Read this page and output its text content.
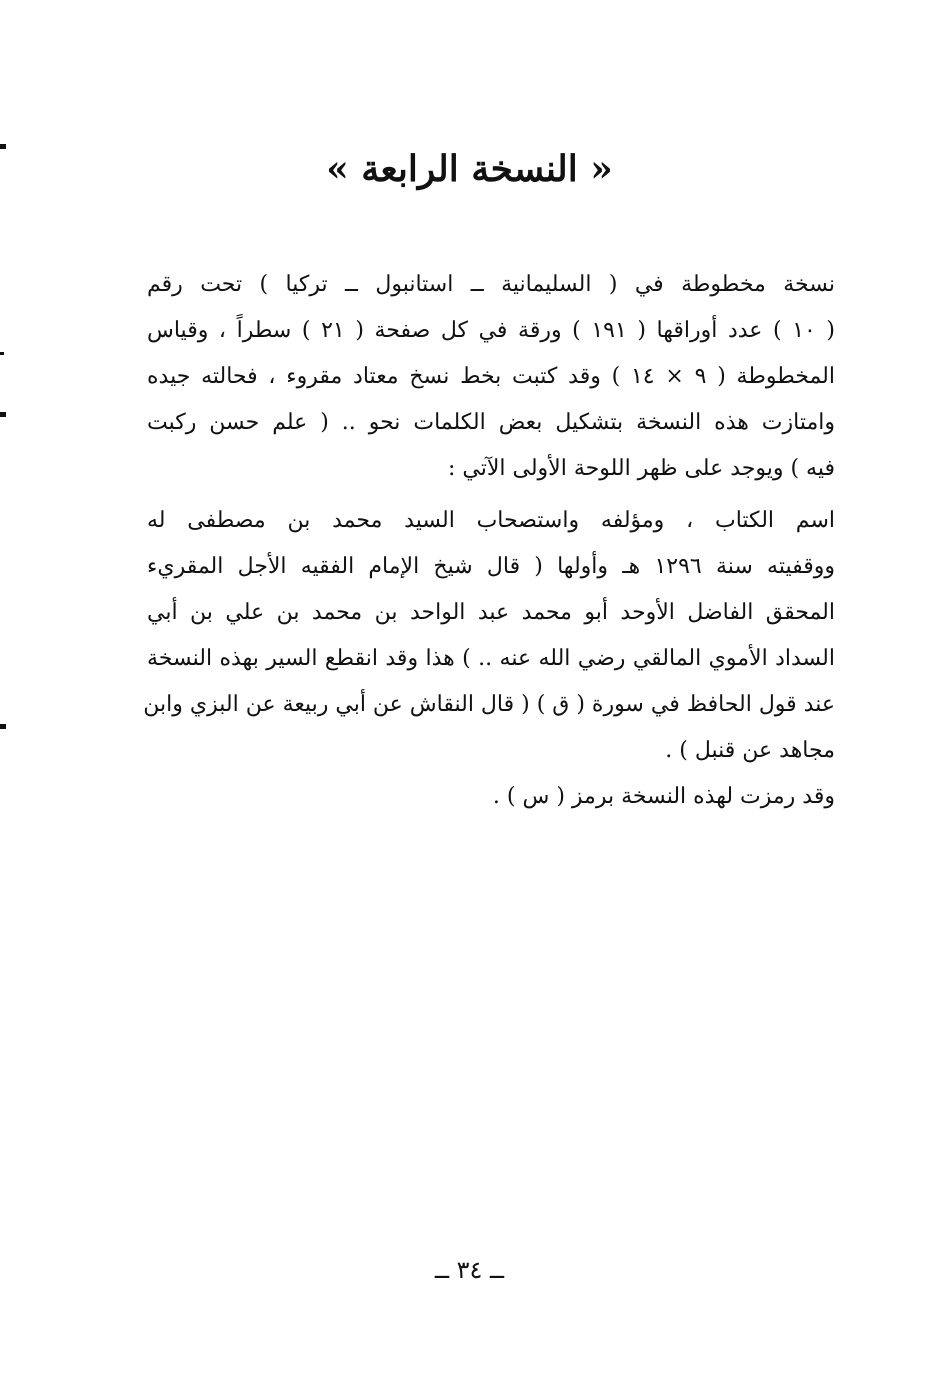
« النسخة الرابعة »
نسخة مخطوطة في ( السليمانية ــ استانبول ــ تركيا ) تحت رقم
( ١٠ ) عدد أوراقها ( ١٩١ ) ورقة في كل صفحة ( ٢١ ) سطراً ، وقياس
المخطوطة ( ٩ × ١٤ ) وقد كتبت بخط نسخ معتاد مقروء ، فحالته جيده
وامتازت هذه النسخة بتشكيل بعض الكلمات نحو .. ( علم حسن ركبت
فيه ) ويوجد على ظهر اللوحة الأولى الآتي :
اسم الكتاب ، ومؤلفه واستصحاب السيد محمد بن مصطفى له
ووقفيته سنة ١٢٩٦ هـ وأولها ( قال شيخ الإمام الفقيه الأجل المقريء
المحقق الفاضل الأوحد أبو محمد عبد الواحد بن محمد بن علي بن أبي
السداد الأموي المالقي رضي الله عنه .. ) هذا وقد انقطع السير بهذه النسخة
عند قول الحافظ في سورة ( ق ) ( قال النقاش عن أبي ربيعة عن البزي وابن
مجاهد عن قنبل ) .
وقد رمزت لهذه النسخة برمز ( س ) .
ــ ٣٤ ــ
